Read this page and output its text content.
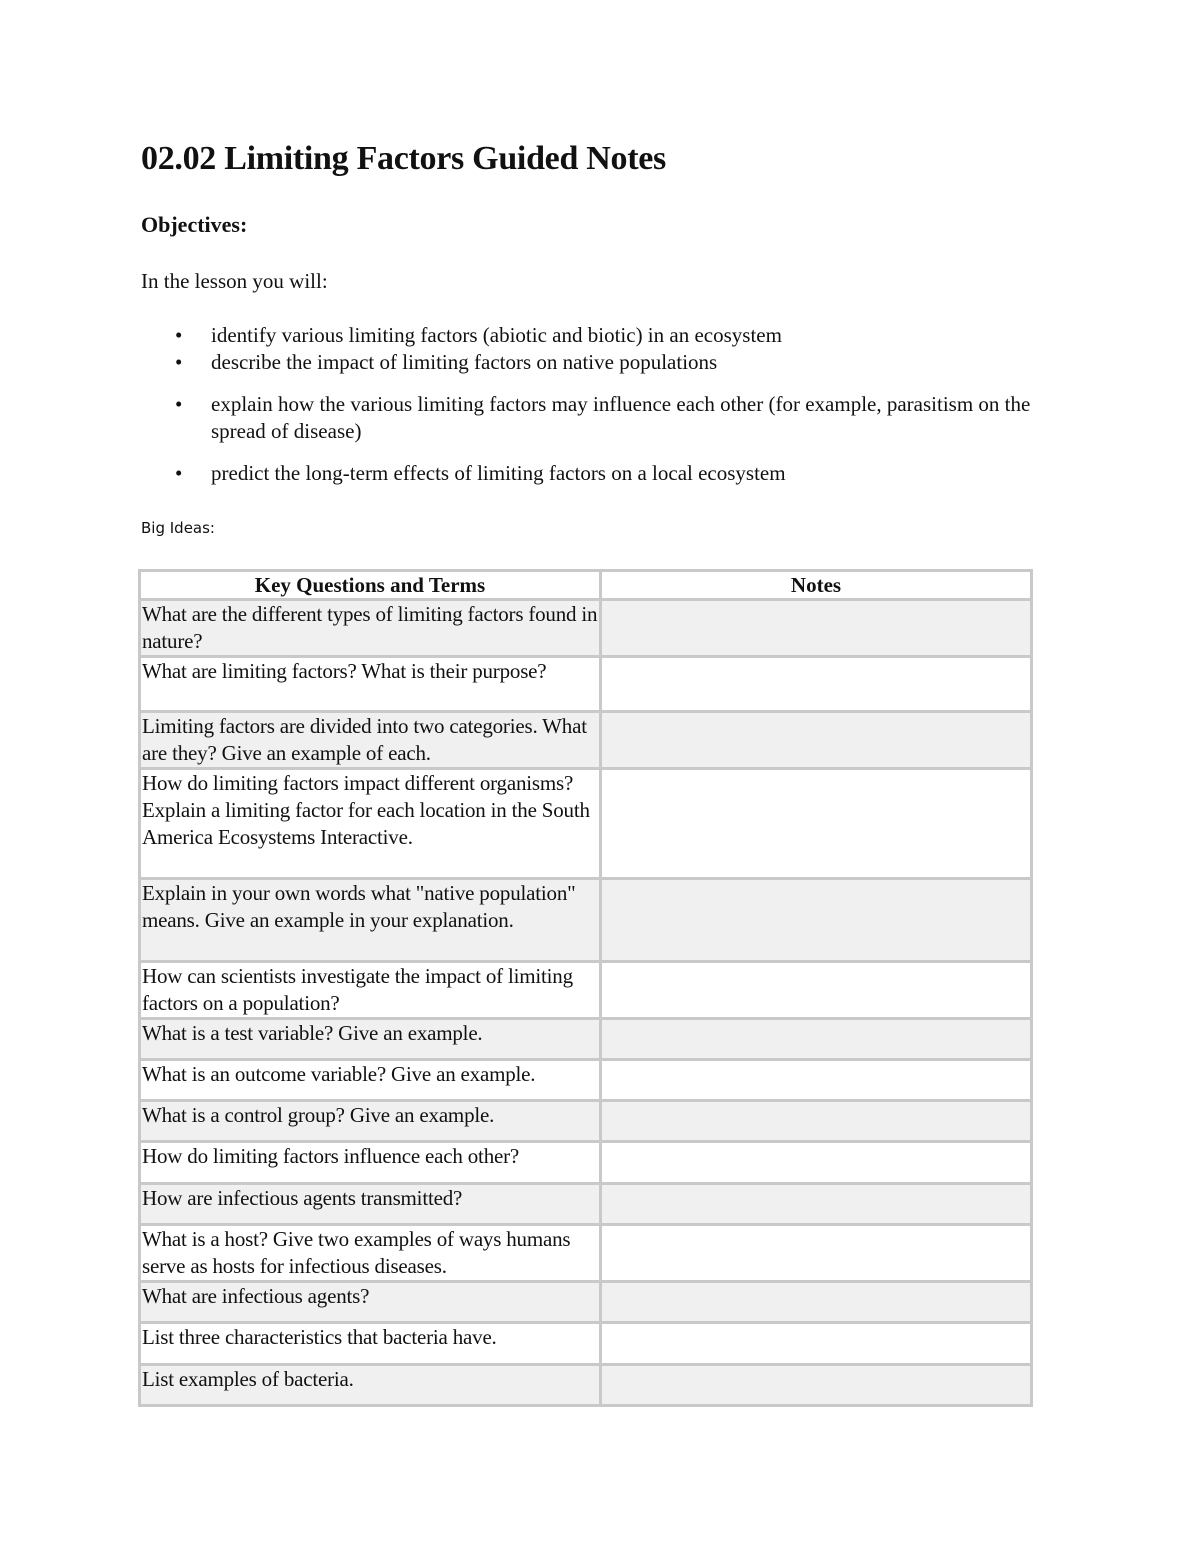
02.02 Limiting Factors Guided Notes
Objectives:

In the lesson you will:

• identify various limiting factors (abiotic and biotic) in an ecosystem
• describe the impact of limiting factors on native populations
• explain how the various limiting factors may influence each other (for example, parasitism on the spread of disease)
• predict the long-term effects of limiting factors on a local ecosystem

Big Ideas:

Key Questions and Terms	Notes
What are the different types of limiting factors found in nature?	
What are limiting factors? What is their purpose?	
Limiting factors are divided into two categories. What are they? Give an example of each.	
How do limiting factors impact different organisms? Explain a limiting factor for each location in the South America Ecosystems Interactive.	
Explain in your own words what "native population" means. Give an example in your explanation.	
How can scientists investigate the impact of limiting factors on a population?	
What is a test variable? Give an example.	
What is an outcome variable? Give an example.	
What is a control group? Give an example.	
How do limiting factors influence each other?	
How are infectious agents transmitted?	
What is a host? Give two examples of ways humans serve as hosts for infectious diseases.	
What are infectious agents?	
List three characteristics that bacteria have.	
List examples of bacteria.	
